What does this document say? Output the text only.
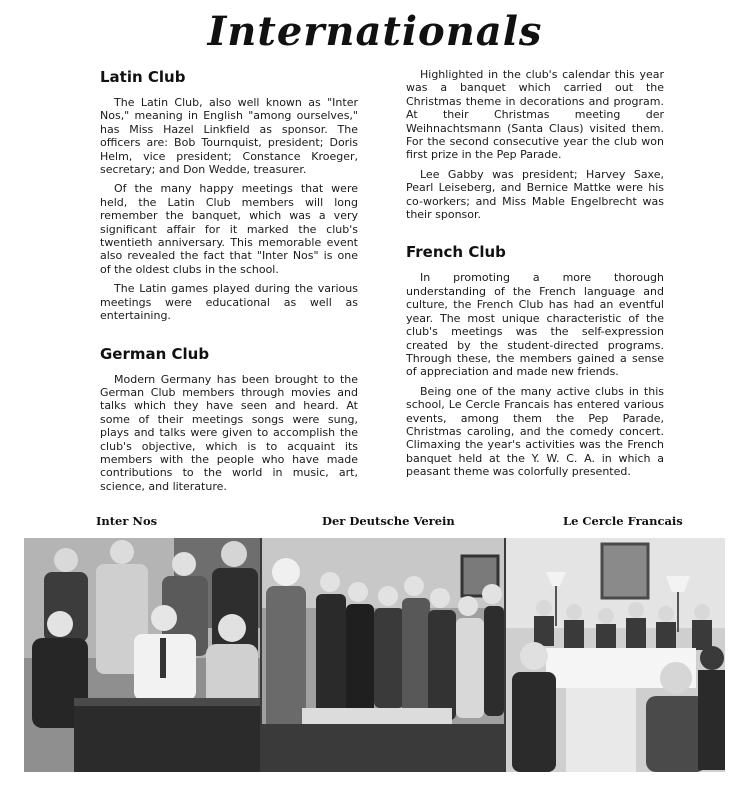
Internationals
Latin Club

The Latin Club, also well known as "Inter Nos," meaning in English "among ourselves," has Miss Hazel Linkfield as sponsor. The officers are: Bob Tournquist, president; Doris Helm, vice president; Constance Kroeger, secretary; and Don Wedde, treasurer.

Of the many happy meetings that were held, the Latin Club members will long remember the banquet, which was a very significant affair for it marked the club's twentieth anniversary. This memorable event also revealed the fact that "Inter Nos" is one of the oldest clubs in the school.

The Latin games played during the various meetings were educational as well as entertaining.

German Club

Modern Germany has been brought to the German Club members through movies and talks which they have seen and heard. At some of their meetings songs were sung, plays and talks were given to accomplish the club's objective, which is to acquaint its members with the people who have made contributions to the world in music, art, science, and literature.

Highlighted in the club's calendar this year was a banquet which carried out the Christmas theme in decorations and program. At their Christmas meeting der Weihnachtsmann (Santa Claus) visited them. For the second consecutive year the club won first prize in the Pep Parade.

Lee Gabby was president; Harvey Saxe, Pearl Leiseberg, and Bernice Mattke were his co-workers; and Miss Mable Engelbrecht was their sponsor.

French Club

In promoting a more thorough understanding of the French language and culture, the French Club has had an eventful year. The most unique characteristic of the club's meetings was the self-expression created by the student-directed programs. Through these, the members gained a sense of appreciation and made new friends.

Being one of the many active clubs in this school, Le Cercle Francais has entered various events, among them the Pep Parade, Christmas caroling, and the comedy concert. Climaxing the year's activities was the French banquet held at the Y. W. C. A. in which a peasant theme was colorfully presented.

Inter Nos	Der Deutsche Verein	Le Cercle Francais
